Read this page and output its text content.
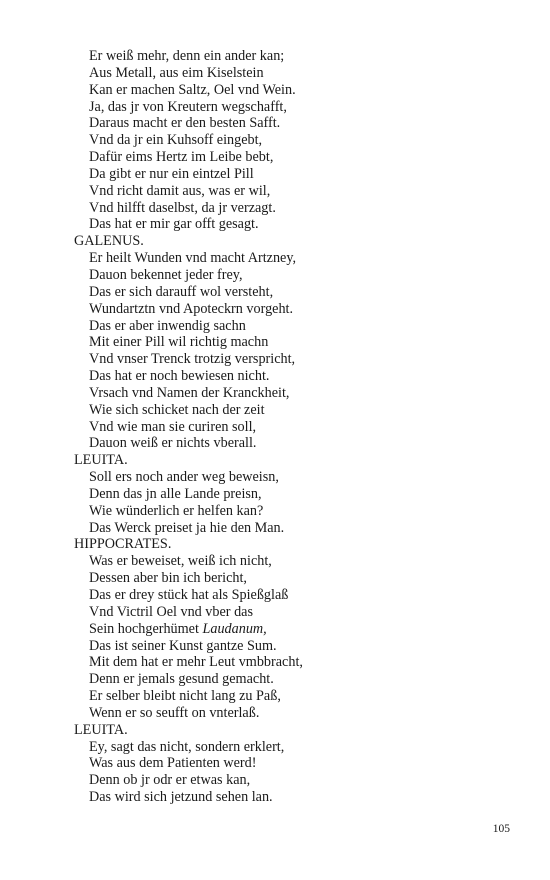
Er weiß mehr, denn ein ander kan;
Aus Metall, aus eim Kiselstein
Kan er machen Saltz, Oel vnd Wein.
Ja, das jr von Kreutern wegschafft,
Daraus macht er den besten Safft.
Vnd da jr ein Kuhsoff eingebt,
Dafür eims Hertz im Leibe bebt,
Da gibt er nur ein eintzel Pill
Vnd richt damit aus, was er wil,
Vnd hilfft daselbst, da jr verzagt.
Das hat er mir gar offt gesagt.
GALENUS.
Er heilt Wunden vnd macht Artzney,
Dauon bekennet jeder frey,
Das er sich darauff wol versteht,
Wundartztn vnd Apoteckrn vorgeht.
Das er aber inwendig sachn
Mit einer Pill wil richtig machn
Vnd vnser Trenck trotzig verspricht,
Das hat er noch bewiesen nicht.
Vrsach vnd Namen der Kranckheit,
Wie sich schicket nach der zeit
Vnd wie man sie curiren soll,
Dauon weiß er nichts vberall.
LEUITA.
Soll ers noch ander weg beweisn,
Denn das jn alle Lande preisn,
Wie wünderlich er helfen kan?
Das Werck preiset ja hie den Man.
HIPPOCRATES.
Was er beweiset, weiß ich nicht,
Dessen aber bin ich bericht,
Das er drey stück hat als Spießglaß
Vnd Victril Oel vnd vber das
Sein hochgerhümet Laudanum,
Das ist seiner Kunst gantze Sum.
Mit dem hat er mehr Leut vmbbracht,
Denn er jemals gesund gemacht.
Er selber bleibt nicht lang zu Paß,
Wenn er so seufft on vnterlaß.
LEUITA.
Ey, sagt das nicht, sondern erklert,
Was aus dem Patienten werd!
Denn ob jr odr er etwas kan,
Das wird sich jetzund sehen lan.
105
